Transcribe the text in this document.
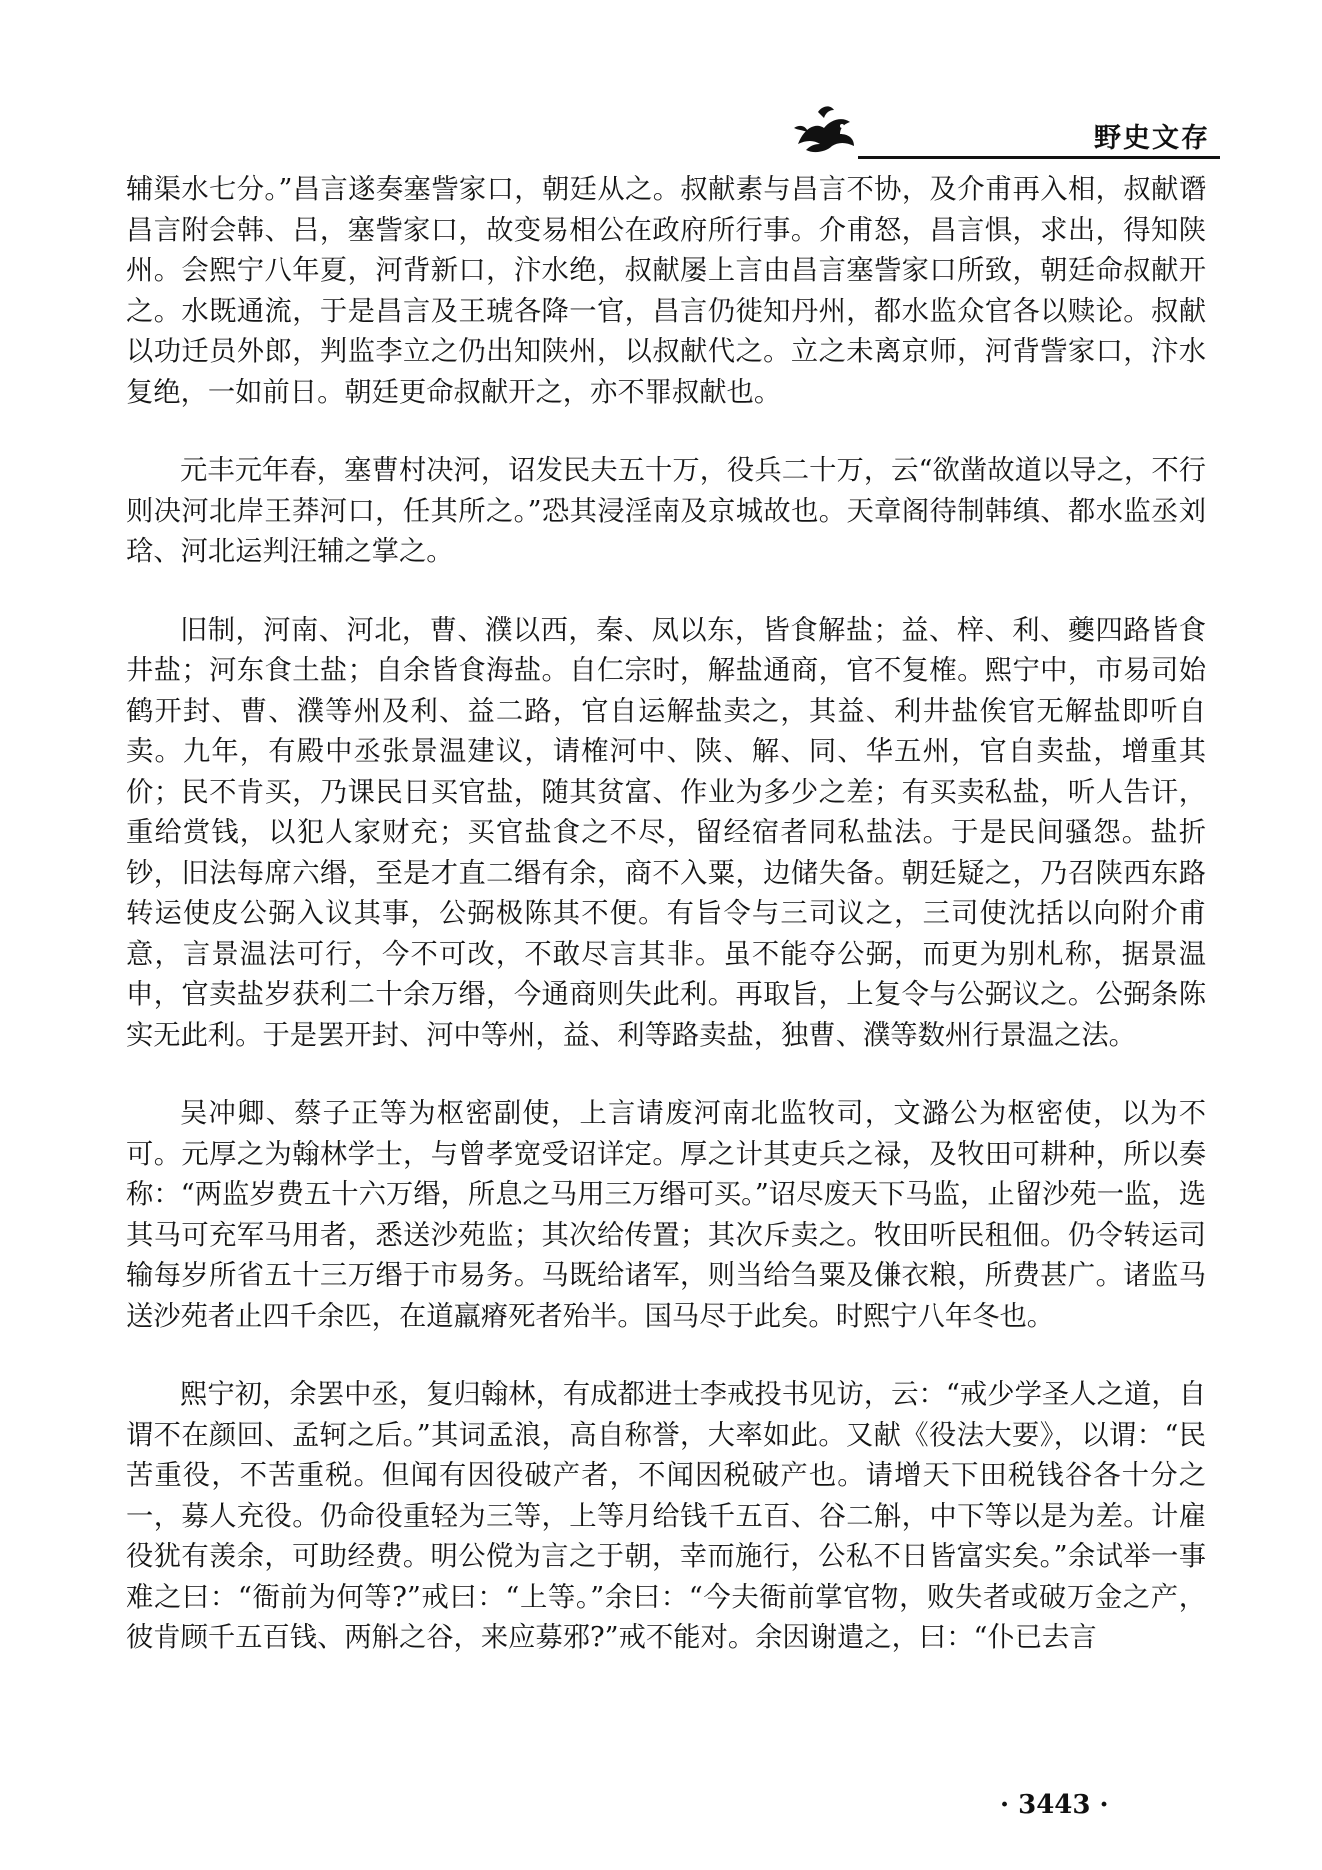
野史文存

辅渠水七分。”昌言遂奏塞訾家口，朝廷从之。叔献素与昌言不协，及介甫再入相，叔献谮昌言附会韩、吕，塞訾家口，故变易相公在政府所行事。介甫怒，昌言惧，求出，得知陕州。会熙宁八年夏，河背新口，汴水绝，叔献屡上言由昌言塞訾家口所致，朝廷命叔献开之。水既通流，于是昌言及王琥各降一官，昌言仍徙知丹州，都水监众官各以赎论。叔献以功迁员外郎，判监李立之仍出知陕州，以叔献代之。立之未离京师，河背訾家口，汴水复绝，一如前日。朝廷更命叔献开之，亦不罪叔献也。

元丰元年春，塞曹村决河，诏发民夫五十万，役兵二十万，云“欲凿故道以导之，不行则决河北岸王莽河口，任其所之。”恐其浸淫南及京城故也。天章阁待制韩缜、都水监丞刘琀、河北运判汪辅之掌之。

旧制，河南、河北，曹、濮以西，秦、凤以东，皆食解盐；益、梓、利、夔四路皆食井盐；河东食土盐；自余皆食海盐。自仁宗时，解盐通商，官不复榷。熙宁中，市易司始鹤开封、曹、濮等州及利、益二路，官自运解盐卖之，其益、利井盐俟官无解盐即听自卖。九年，有殿中丞张景温建议，请榷河中、陕、解、同、华五州，官自卖盐，增重其价；民不肯买，乃课民日买官盐，随其贫富、作业为多少之差；有买卖私盐，听人告讦，重给赏钱，以犯人家财充；买官盐食之不尽，留经宿者同私盐法。于是民间骚怨。盐折钞，旧法每席六缗，至是才直二缗有余，商不入粟，边储失备。朝廷疑之，乃召陕西东路转运使皮公弼入议其事，公弼极陈其不便。有旨令与三司议之，三司使沈括以向附介甫意，言景温法可行，今不可改，不敢尽言其非。虽不能夺公弼，而更为别札称，据景温申，官卖盐岁获利二十余万缗，今通商则失此利。再取旨，上复令与公弼议之。公弼条陈实无此利。于是罢开封、河中等州，益、利等路卖盐，独曹、濮等数州行景温之法。

吴冲卿、蔡子正等为枢密副使，上言请废河南北监牧司，文潞公为枢密使，以为不可。元厚之为翰林学士，与曾孝宽受诏详定。厚之计其吏兵之禄，及牧田可耕种，所以奏称：“两监岁费五十六万缗，所息之马用三万缗可买。”诏尽废天下马监，止留沙苑一监，选其马可充军马用者，悉送沙苑监；其次给传置；其次斥卖之。牧田听民租佃。仍令转运司输每岁所省五十三万缗于市易务。马既给诸军，则当给刍粟及傔衣粮，所费甚广。诸监马送沙苑者止四千余匹，在道羸瘠死者殆半。国马尽于此矣。时熙宁八年冬也。

熙宁初，余罢中丞，复归翰林，有成都进士李戒投书见访，云：“戒少学圣人之道，自谓不在颜回、孟轲之后。”其词孟浪，高自称誉，大率如此。又献《役法大要》，以谓：“民苦重役，不苦重税。但闻有因役破产者，不闻因税破产也。请增天下田税钱谷各十分之一，募人充役。仍命役重轻为三等，上等月给钱千五百、谷二斛，中下等以是为差。计雇役犹有羡余，可助经费。明公傥为言之于朝，幸而施行，公私不日皆富实矣。”余试举一事难之曰：“衙前为何等?”戒曰：“上等。”余曰：“今夫衙前掌官物，败失者或破万金之产，彼肯顾千五百钱、两斛之谷，来应募邪?”戒不能对。余因谢遣之，曰：“仆已去言

· 3443 ·
